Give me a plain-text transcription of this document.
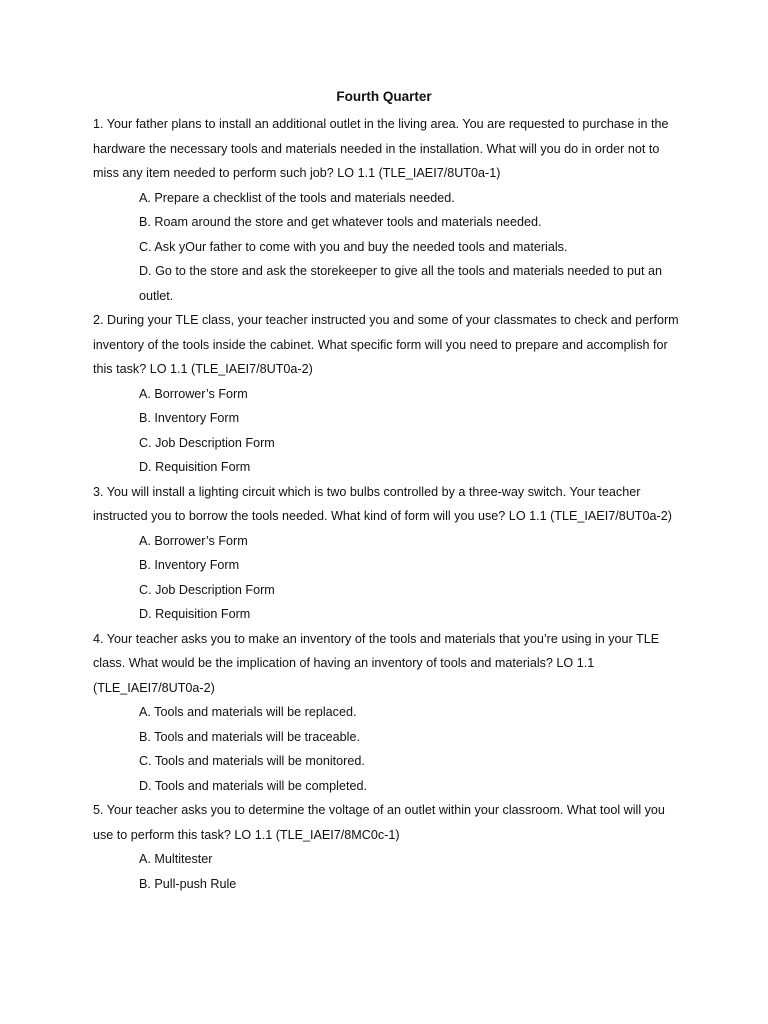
Fourth Quarter

1. Your father plans to install an additional outlet in the living area. You are requested to purchase in the hardware the necessary tools and materials needed in the installation. What will you do in order not to miss any item needed to perform such job? LO 1.1 (TLE_IAEI7/8UT0a-1)

A. Prepare a checklist of the tools and materials needed.

B. Roam around the store and get whatever tools and materials needed.

C. Ask yOur father to come with you and buy the needed tools and materials.

D. Go to the store and ask the storekeeper to give all the tools and materials needed to put an outlet.

2. During your TLE class, your teacher instructed you and some of your classmates to check and perform inventory of the tools inside the cabinet. What specific form will you need to prepare and accomplish for this task? LO 1.1 (TLE_IAEI7/8UT0a-2)

A. Borrower’s Form

B. Inventory Form

C. Job Description Form

D. Requisition Form

3. You will install a lighting circuit which is two bulbs controlled by a three-way switch. Your teacher instructed you to borrow the tools needed. What kind of form will you use? LO 1.1 (TLE_IAEI7/8UT0a-2)

A. Borrower’s Form

B. Inventory Form

C. Job Description Form

D. Requisition Form

4. Your teacher asks you to make an inventory of the tools and materials that you’re using in your TLE class. What would be the implication of having an inventory of tools and materials? LO 1.1 (TLE_IAEI7/8UT0a-2)

A. Tools and materials will be replaced.

B. Tools and materials will be traceable.

C. Tools and materials will be monitored.

D. Tools and materials will be completed.

5. Your teacher asks you to determine the voltage of an outlet within your classroom. What tool will you use to perform this task? LO 1.1 (TLE_IAEI7/8MC0c-1)

A. Multitester

B. Pull-push Rule
